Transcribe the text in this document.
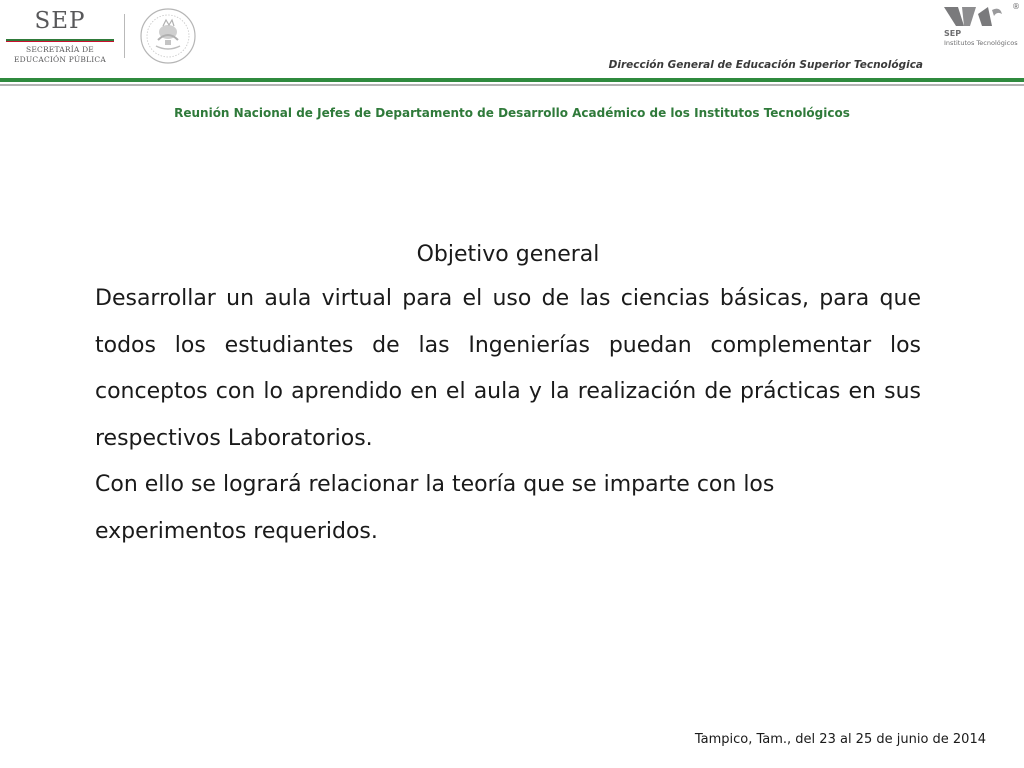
SEP
SECRETARÍA DE
EDUCACIÓN PÚBLICA
SEP
Institutos Tecnológicos
®
Dirección General de Educación Superior Tecnológica
Reunión Nacional de Jefes de Departamento de Desarrollo Académico de los Institutos Tecnológicos
Objetivo general
Desarrollar un aula virtual para el uso de las ciencias básicas, para que todos los estudiantes de las Ingenierías puedan complementar los conceptos con lo aprendido en el aula y la realización de prácticas en sus respectivos Laboratorios.
Con ello se logrará relacionar la teoría que se imparte con los experimentos requeridos.
Tampico, Tam., del 23 al 25 de junio de 2014
